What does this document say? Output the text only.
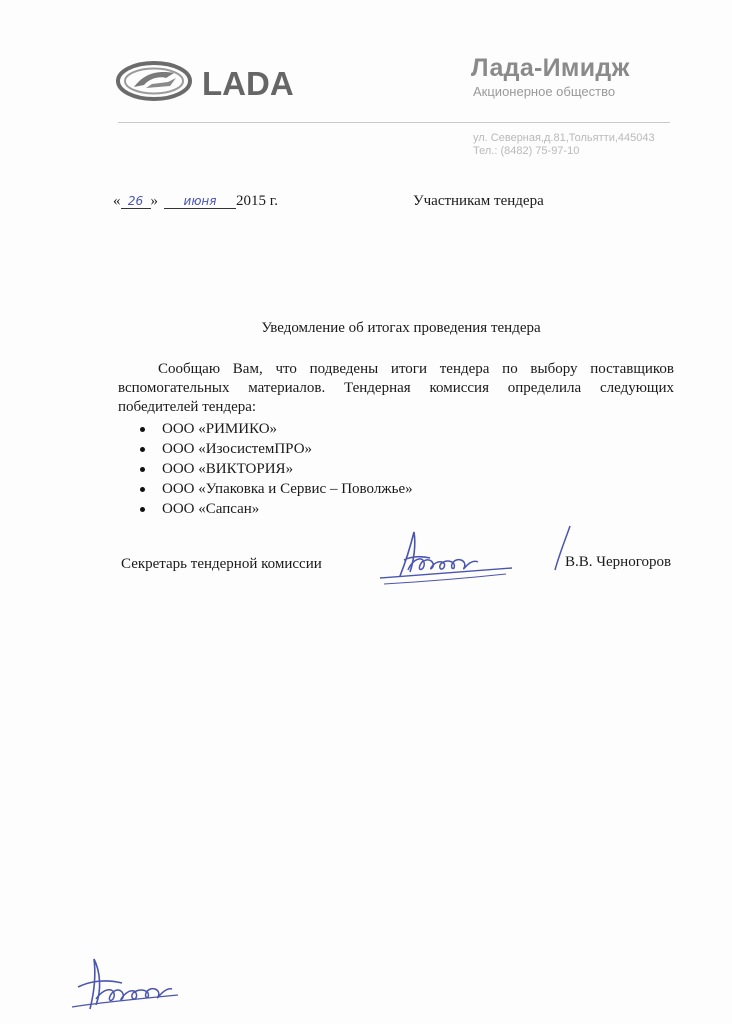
LADA	Лада-Имидж
Акционерное общество
ул. Северная,д.81,Тольятти,445043
Тел.: (8482) 75-97-10
« 26 » июня 2015 г.	Участникам тендера
Уведомление об итогах проведения тендера

Сообщаю Вам, что подведены итоги тендера по выбору поставщиков вспомогательных материалов. Тендерная комиссия определила следующих победителей тендера:

ООО «РИМИКО»
ООО «ИзосистемПРО»
ООО «ВИКТОРИЯ»
ООО «Упаковка и Сервис – Поволжье»
ООО «Сапсан»
Секретарь тендерной комиссии	В.В. Черногоров
